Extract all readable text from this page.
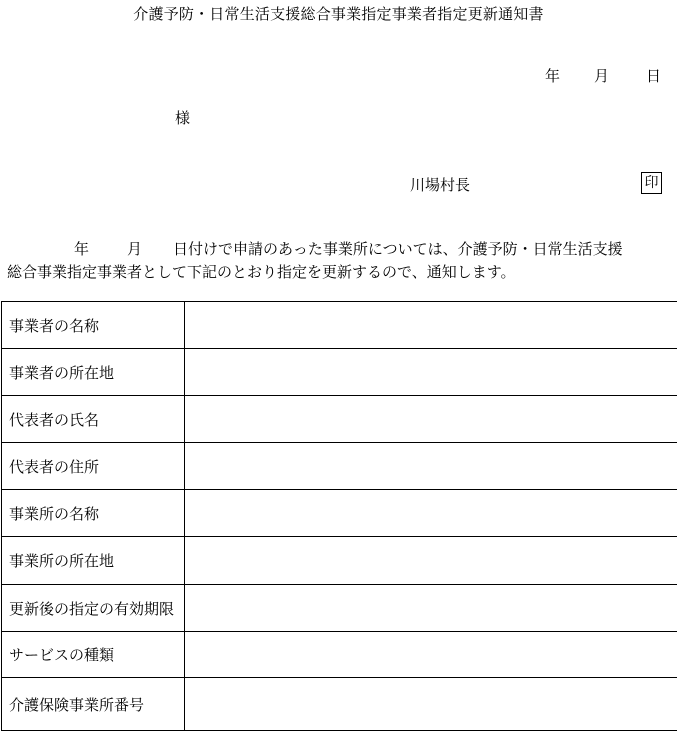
介護予防・日常生活支援総合事業指定事業者指定更新通知書
年 月 日
様
川場村長	印
年	月 日付けで申請のあった事業所については、介護予防・日常生活支援
総合事業指定事業者として下記のとおり指定を更新するので、通知します。
事業者の名称	
事業者の所在地	
代表者の氏名	
代表者の住所	
事業所の名称	
事業所の所在地	
更新後の指定の有効期限	
サービスの種類	
介護保険事業所番号	
